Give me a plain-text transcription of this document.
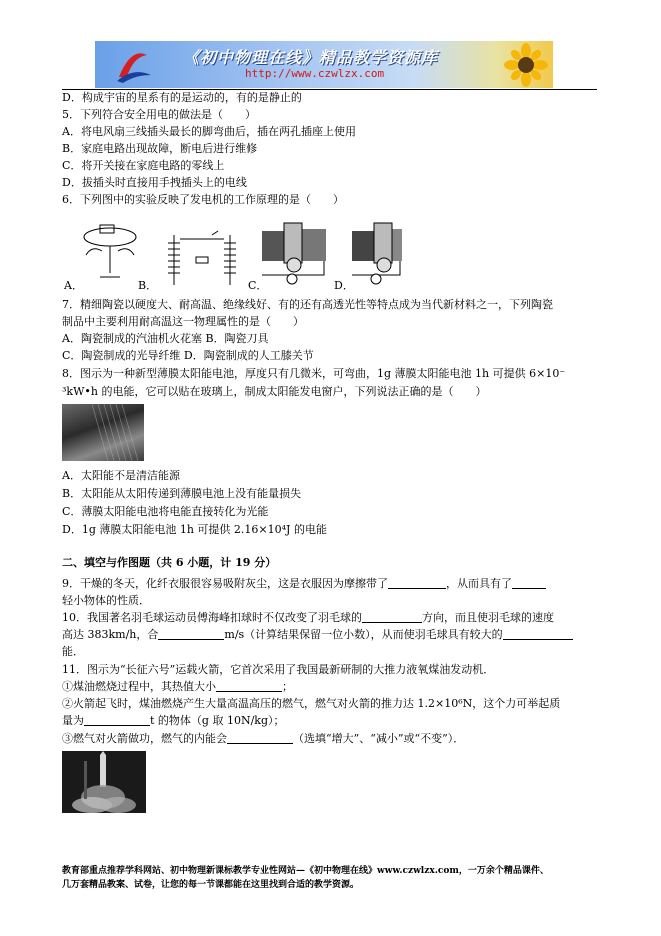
《初中物理在线》精品教学资源库
http://www.czwlzx.com
D．构成宇宙的星系有的是运动的，有的是静止的
5．下列符合安全用电的做法是（　　）
A．将电风扇三线插头最长的脚弯曲后，插在两孔插座上使用
B．家庭电路出现故障，断电后进行维修
C．将开关接在家庭电路的零线上
D．拔插头时直接用手拽插头上的电线
6．下列图中的实验反映了发电机的工作原理的是（　　）
A．	B．	C．	D．
7．精细陶瓷以硬度大、耐高温、绝缘线好、有的还有高透光性等特点成为当代新材料之一，下列陶瓷
制品中主要利用耐高温这一物理属性的是（　　）
A．陶瓷制成的汽油机火花塞 B．陶瓷刀具
C．陶瓷制成的光导纤维 D．陶瓷制成的人工膝关节
8．图示为一种新型薄膜太阳能电池，厚度只有几微米，可弯曲，1g 薄膜太阳能电池 1h 可提供 6×10⁻
³kW•h 的电能，它可以贴在玻璃上，制成太阳能发电窗户，下列说法正确的是（　　）
A．太阳能不是清洁能源
B．太阳能从太阳传递到薄膜电池上没有能量损失
C．薄膜太阳能电池将电能直接转化为光能
D．1g 薄膜太阳能电池 1h 可提供 2.16×10⁴J 的电能
二、填空与作图题（共 6 小题，计 19 分）
9．干燥的冬天，化纤衣服很容易吸附灰尘，这是衣服因为摩擦带了	，从而具有了
轻小物体的性质．
10．我国著名羽毛球运动员傅海峰扣球时不仅改变了羽毛球的	方向，而且使羽毛球的速度
高达 383km/h，合	m/s（计算结果保留一位小数），从而使羽毛球具有较大的
能．
11．图示为“长征六号”运载火箭，它首次采用了我国最新研制的大推力液氧煤油发动机．
①煤油燃烧过程中，其热值大小	；
②火箭起飞时，煤油燃烧产生大量高温高压的燃气，燃气对火箭的推力达 1.2×10⁶N，这个力可举起质
量为	t 的物体（g 取 10N/kg）；
③燃气对火箭做功，燃气的内能会	（选填“增大”、“减小”或“不变”）．
教育部重点推荐学科网站、初中物理新课标教学专业性网站—《初中物理在线》www.czwlzx.com，一万余个精品课件、
几万套精品教案、试卷，让您的每一节课都能在这里找到合适的教学资源。
